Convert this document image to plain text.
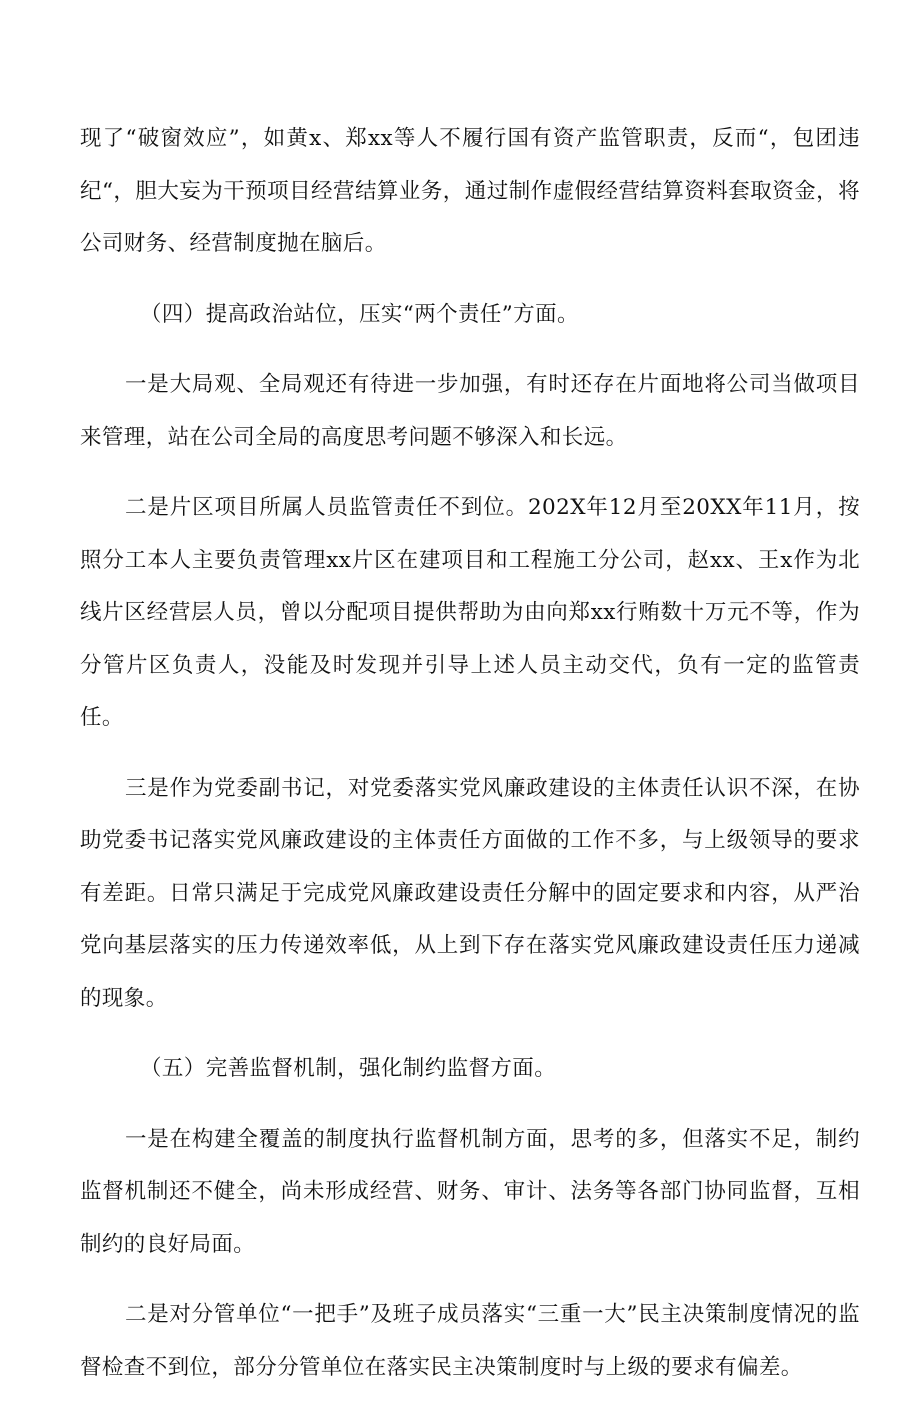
现了“破窗效应”，如黄x、郑xx等人不履行国有资产监管职责，反而“，包团违纪“，胆大妄为干预项目经营结算业务，通过制作虚假经营结算资料套取资金，将公司财务、经营制度抛在脑后。

（四）提高政治站位，压实“两个责任”方面。

一是大局观、全局观还有待进一步加强，有时还存在片面地将公司当做项目来管理，站在公司全局的高度思考问题不够深入和长远。

二是片区项目所属人员监管责任不到位。202X年12月至20XX年11月，按照分工本人主要负责管理xx片区在建项目和工程施工分公司，赵xx、王x作为北线片区经营层人员，曾以分配项目提供帮助为由向郑xx行贿数十万元不等，作为分管片区负责人，没能及时发现并引导上述人员主动交代，负有一定的监管责任。

三是作为党委副书记，对党委落实党风廉政建设的主体责任认识不深，在协助党委书记落实党风廉政建设的主体责任方面做的工作不多，与上级领导的要求有差距。日常只满足于完成党风廉政建设责任分解中的固定要求和内容，从严治党向基层落实的压力传递效率低，从上到下存在落实党风廉政建设责任压力递减的现象。

（五）完善监督机制，强化制约监督方面。

一是在构建全覆盖的制度执行监督机制方面，思考的多，但落实不足，制约监督机制还不健全，尚未形成经营、财务、审计、法务等各部门协同监督，互相制约的良好局面。

二是对分管单位“一把手”及班子成员落实“三重一大”民主决策制度情况的监督检查不到位，部分分管单位在落实民主决策制度时与上级的要求有偏差。
